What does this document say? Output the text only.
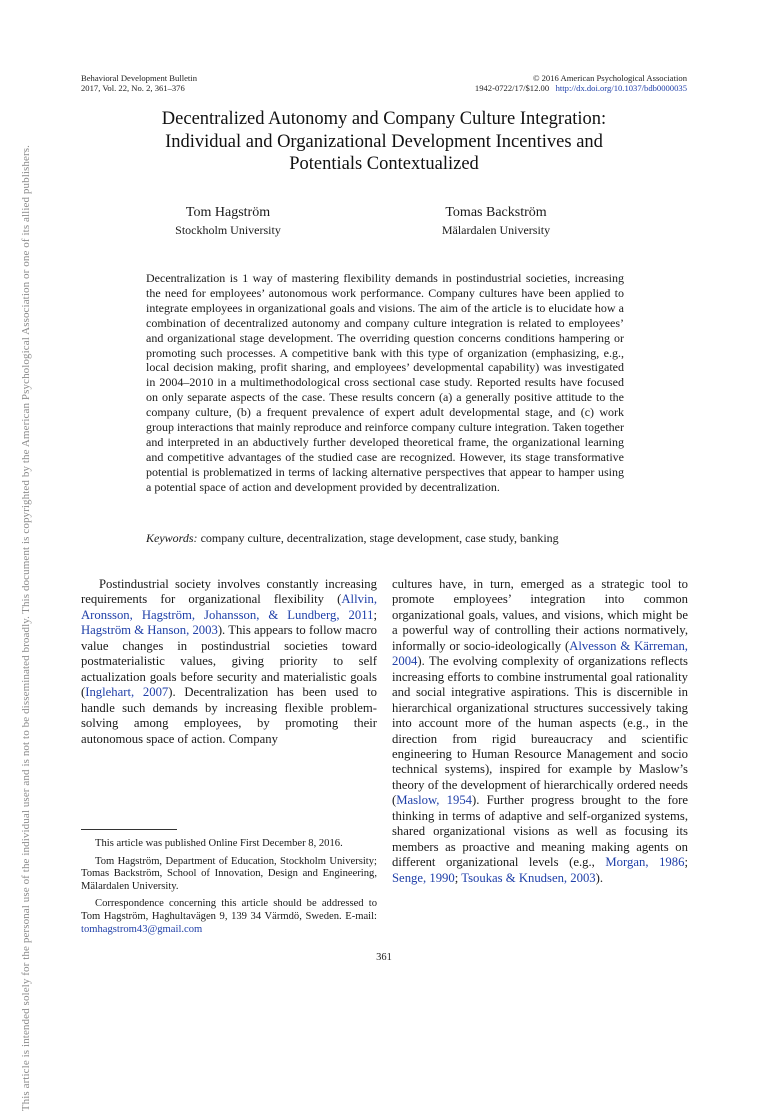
This document is copyrighted by the American Psychological Association or one of its allied publishers.
This article is intended solely for the personal use of the individual user and is not to be disseminated broadly.
Behavioral Development Bulletin
2017, Vol. 22, No. 2, 361–376
© 2016 American Psychological Association
1942-0722/17/$12.00 http://dx.doi.org/10.1037/bdb0000035
Decentralized Autonomy and Company Culture Integration:
Individual and Organizational Development Incentives and
Potentials Contextualized
Tom Hagström
Stockholm University
Tomas Backström
Mälardalen University
Decentralization is 1 way of mastering flexibility demands in postindustrial societies, increasing the need for employees’ autonomous work performance. Company cultures have been applied to integrate employees in organizational goals and visions. The aim of the article is to elucidate how a combination of decentralized autonomy and company culture integration is related to employees’ and organizational stage development. The overriding question concerns conditions hampering or promoting such processes. A competitive bank with this type of organization (emphasizing, e.g., local decision making, profit sharing, and employees’ developmental capability) was investigated in 2004–2010 in a multimethodological cross sectional case study. Reported results have focused on only separate aspects of the case. These results concern (a) a generally positive attitude to the company culture, (b) a frequent prevalence of expert adult developmental stage, and (c) work group interactions that mainly reproduce and reinforce company culture integration. Taken together and interpreted in an abductively further developed theoretical frame, the organizational learning and competitive advantages of the studied case are recognized. However, its stage transformative potential is problematized in terms of lacking alternative perspectives that appear to hamper using a potential space of action and development provided by decentralization.
Keywords: company culture, decentralization, stage development, case study, banking
Postindustrial society involves constantly increasing requirements for organizational flexibility (Allvin, Aronsson, Hagström, Johansson, & Lundberg, 2011; Hagström & Hanson, 2003). This appears to follow macro value changes in postindustrial societies toward postmaterialistic values, giving priority to self actualization goals before security and materialistic goals (Inglehart, 2007). Decentralization has been used to handle such demands by increasing flexible problem-solving among employees, by promoting their autonomous space of action. Company
cultures have, in turn, emerged as a strategic tool to promote employees’ integration into common organizational goals, values, and visions, which might be a powerful way of controlling their actions normatively, informally or socio-ideologically (Alvesson & Kärreman, 2004). The evolving complexity of organizations reflects increasing efforts to combine instrumental goal rationality and social integrative aspirations. This is discernible in hierarchical organizational structures successively taking into account more of the human aspects (e.g., in the direction from rigid bureaucracy and scientific engineering to Human Resource Management and socio technical systems), inspired for example by Maslow’s theory of the development of hierarchically ordered needs (Maslow, 1954). Further progress brought to the fore thinking in terms of adaptive and self-organized systems, shared organizational visions as well as focusing its members as proactive and meaning making agents on different organizational levels (e.g., Morgan, 1986; Senge, 1990; Tsoukas & Knudsen, 2003).

This article was published Online First December 8, 2016.

Tom Hagström, Department of Education, Stockholm University; Tomas Backström, School of Innovation, Design and Engineering, Mälardalen University.

Correspondence concerning this article should be addressed to Tom Hagström, Haghultavägen 9, 139 34 Värmdö, Sweden. E-mail: tomhagstrom43@gmail.com

361
